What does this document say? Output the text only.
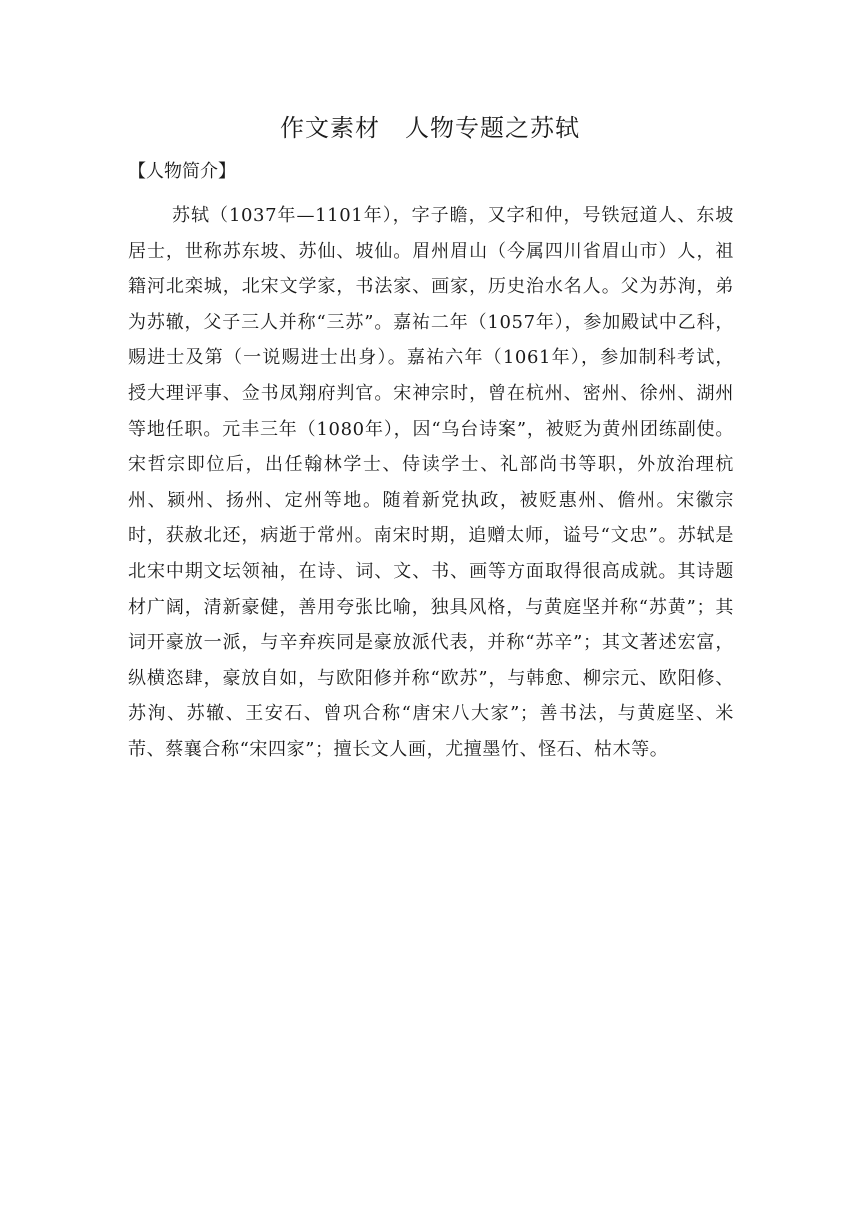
作文素材　人物专题之苏轼
【人物简介】

苏轼（1037年—1101年），字子瞻，又字和仲，号铁冠道人、东坡居士，世称苏东坡、苏仙、坡仙。眉州眉山（今属四川省眉山市）人，祖籍河北栾城，北宋文学家，书法家、画家，历史治水名人。父为苏洵，弟为苏辙，父子三人并称“三苏”。嘉祐二年（1057年），参加殿试中乙科，赐进士及第（一说赐进士出身）。嘉祐六年（1061年），参加制科考试，授大理评事、佥书凤翔府判官。宋神宗时，曾在杭州、密州、徐州、湖州等地任职。元丰三年（1080年），因“乌台诗案”，被贬为黄州团练副使。宋哲宗即位后，出任翰林学士、侍读学士、礼部尚书等职，外放治理杭州、颍州、扬州、定州等地。随着新党执政，被贬惠州、儋州。宋徽宗时，获赦北还，病逝于常州。南宋时期，追赠太师，谥号“文忠”。苏轼是北宋中期文坛领袖，在诗、词、文、书、画等方面取得很高成就。其诗题材广阔，清新豪健，善用夸张比喻，独具风格，与黄庭坚并称“苏黄”；其词开豪放一派，与辛弃疾同是豪放派代表，并称“苏辛”；其文著述宏富，纵横恣肆，豪放自如，与欧阳修并称“欧苏”，与韩愈、柳宗元、欧阳修、苏洵、苏辙、王安石、曾巩合称“唐宋八大家”；善书法，与黄庭坚、米芾、蔡襄合称“宋四家”；擅长文人画，尤擅墨竹、怪石、枯木等。
